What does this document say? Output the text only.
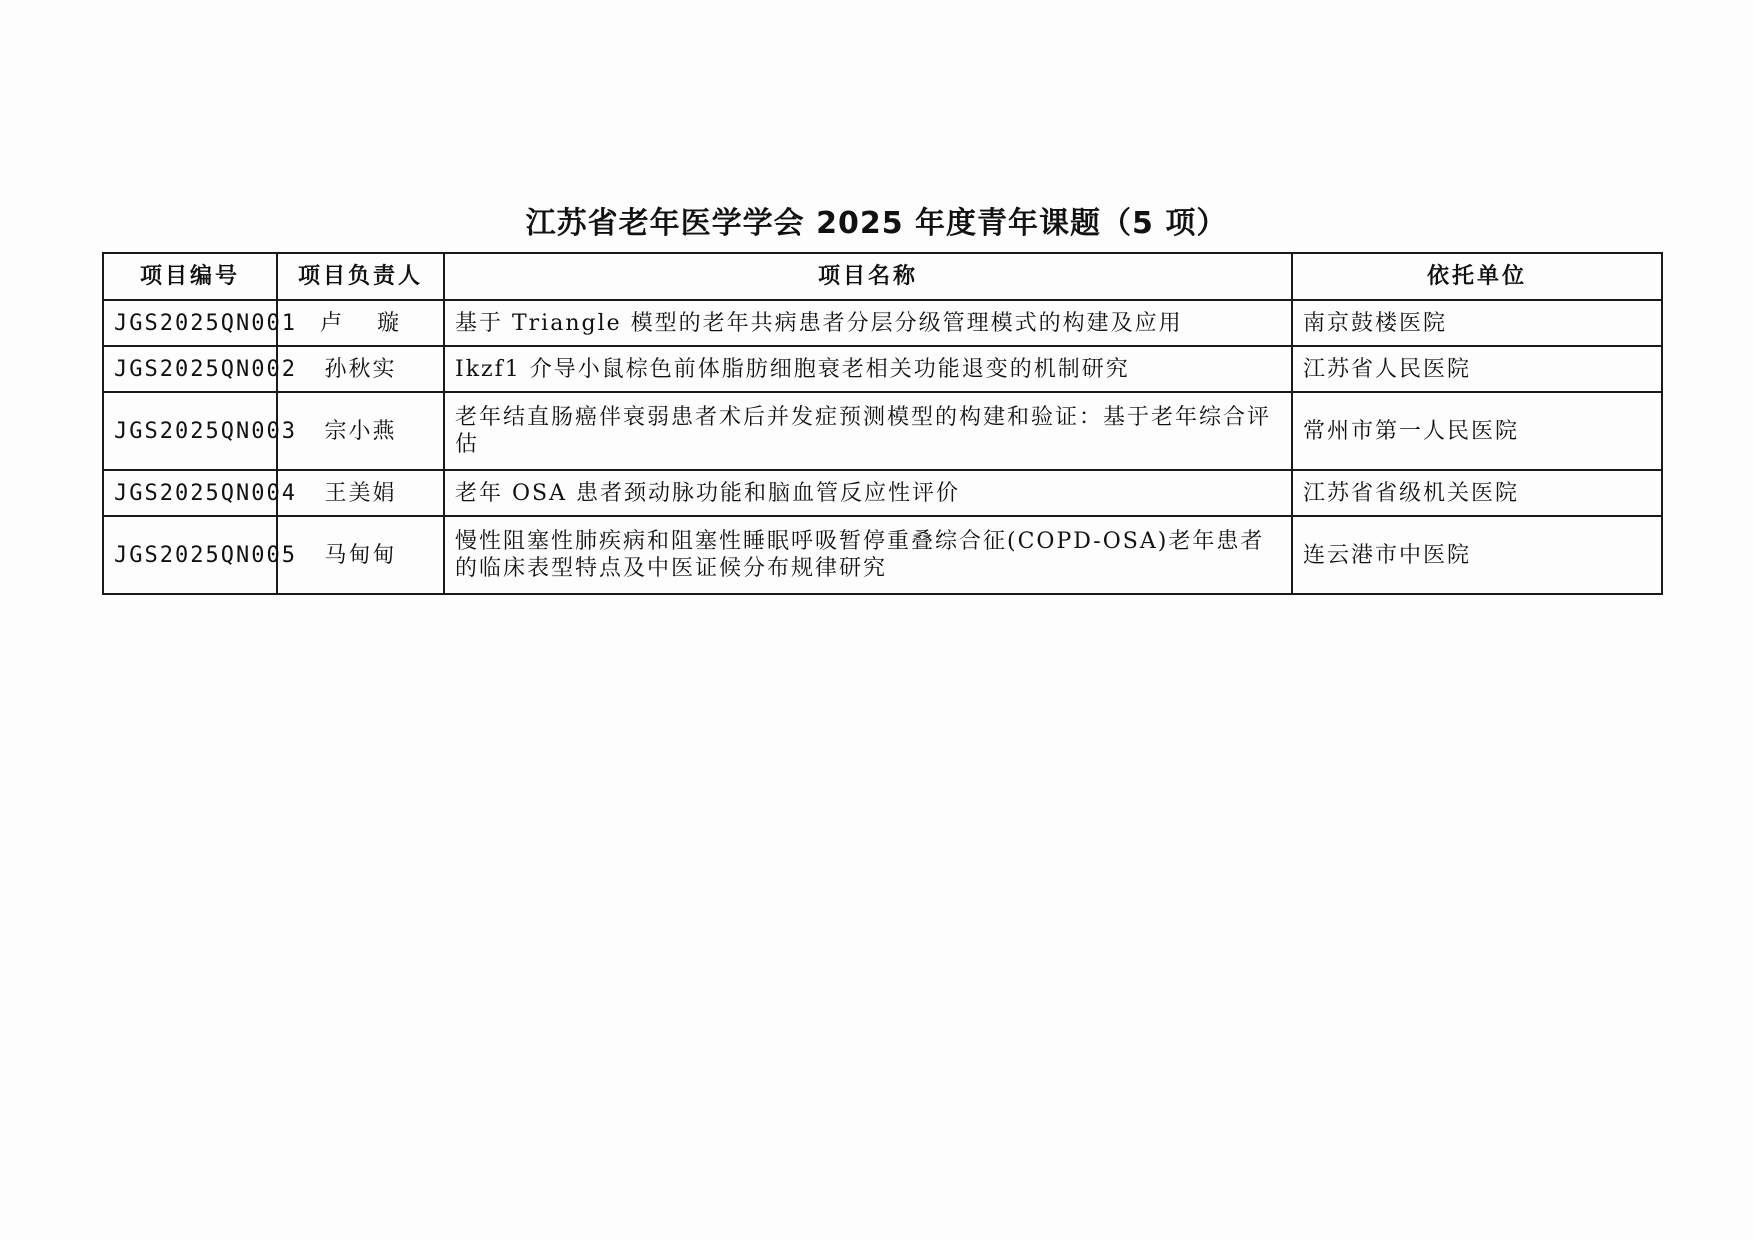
江苏省老年医学学会 2025 年度青年课题（5 项）
项目编号	项目负责人	项目名称	依托单位
JGS2025QN001	卢　 璇	基于 Triangle 模型的老年共病患者分层分级管理模式的构建及应用	南京鼓楼医院
JGS2025QN002	孙秋实	Ikzf1 介导小鼠棕色前体脂肪细胞衰老相关功能退变的机制研究	江苏省人民医院
JGS2025QN003	宗小燕	老年结直肠癌伴衰弱患者术后并发症预测模型的构建和验证：基于老年综合评估	常州市第一人民医院
JGS2025QN004	王美娟	老年 OSA 患者颈动脉功能和脑血管反应性评价	江苏省省级机关医院
JGS2025QN005	马甸甸	慢性阻塞性肺疾病和阻塞性睡眠呼吸暂停重叠综合征(COPD-OSA)老年患者的临床表型特点及中医证候分布规律研究	连云港市中医院
